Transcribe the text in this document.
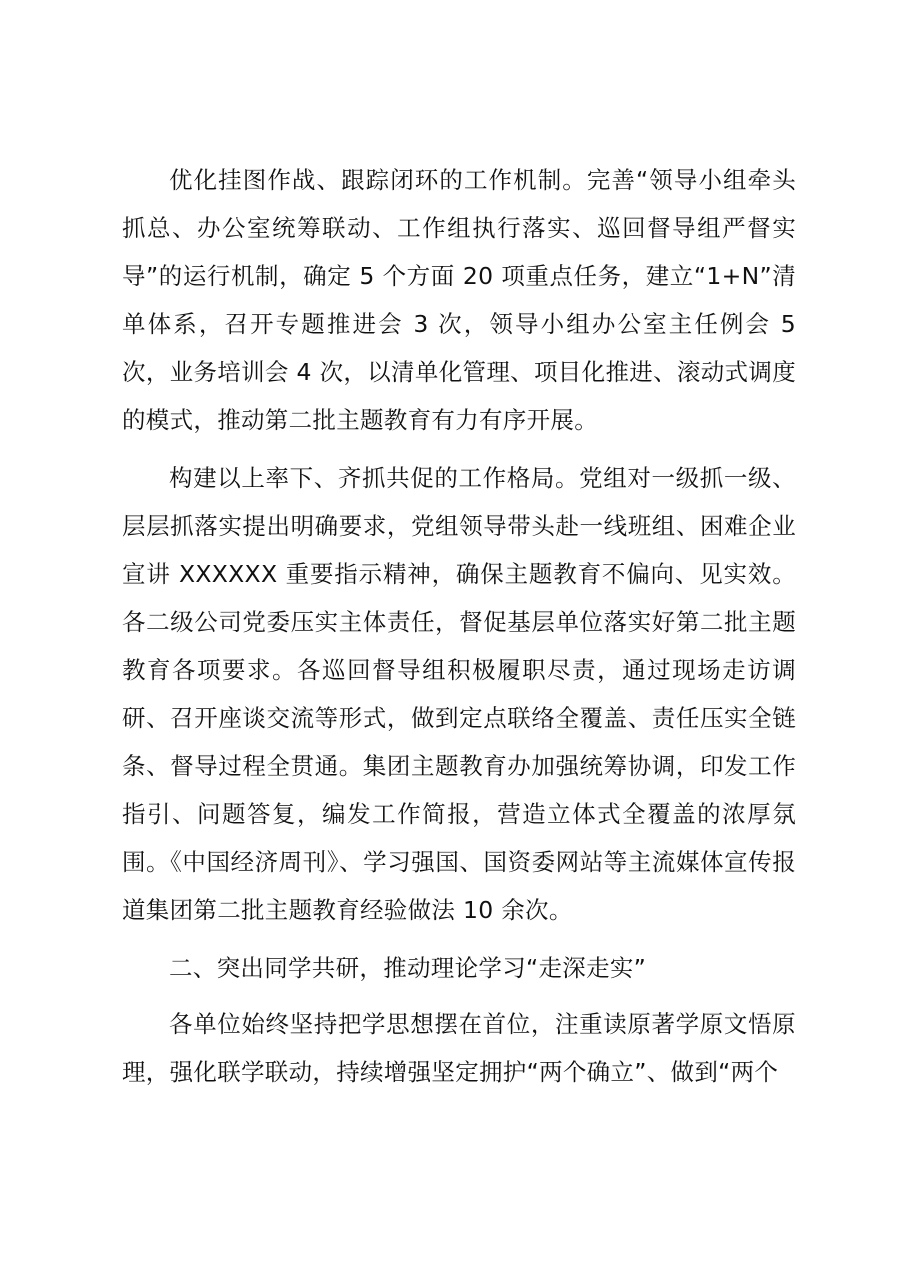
优化挂图作战、跟踪闭环的工作机制。完善“领导小组牵头抓总、办公室统筹联动、工作组执行落实、巡回督导组严督实导”的运行机制，确定 5 个方面 20 项重点任务，建立“1+N”清单体系，召开专题推进会 3 次，领导小组办公室主任例会 5 次，业务培训会 4 次，以清单化管理、项目化推进、滚动式调度的模式，推动第二批主题教育有力有序开展。

构建以上率下、齐抓共促的工作格局。党组对一级抓一级、层层抓落实提出明确要求，党组领导带头赴一线班组、困难企业宣讲 XXXXXX 重要指示精神，确保主题教育不偏向、见实效。各二级公司党委压实主体责任，督促基层单位落实好第二批主题教育各项要求。各巡回督导组积极履职尽责，通过现场走访调研、召开座谈交流等形式，做到定点联络全覆盖、责任压实全链条、督导过程全贯通。集团主题教育办加强统筹协调，印发工作指引、问题答复，编发工作简报，营造立体式全覆盖的浓厚氛围。《中国经济周刊》、学习强国、国资委网站等主流媒体宣传报道集团第二批主题教育经验做法 10 余次。

二、突出同学共研，推动理论学习“走深走实”

各单位始终坚持把学思想摆在首位，注重读原著学原文悟原理，强化联学联动，持续增强坚定拥护“两个确立”、做到“两个
